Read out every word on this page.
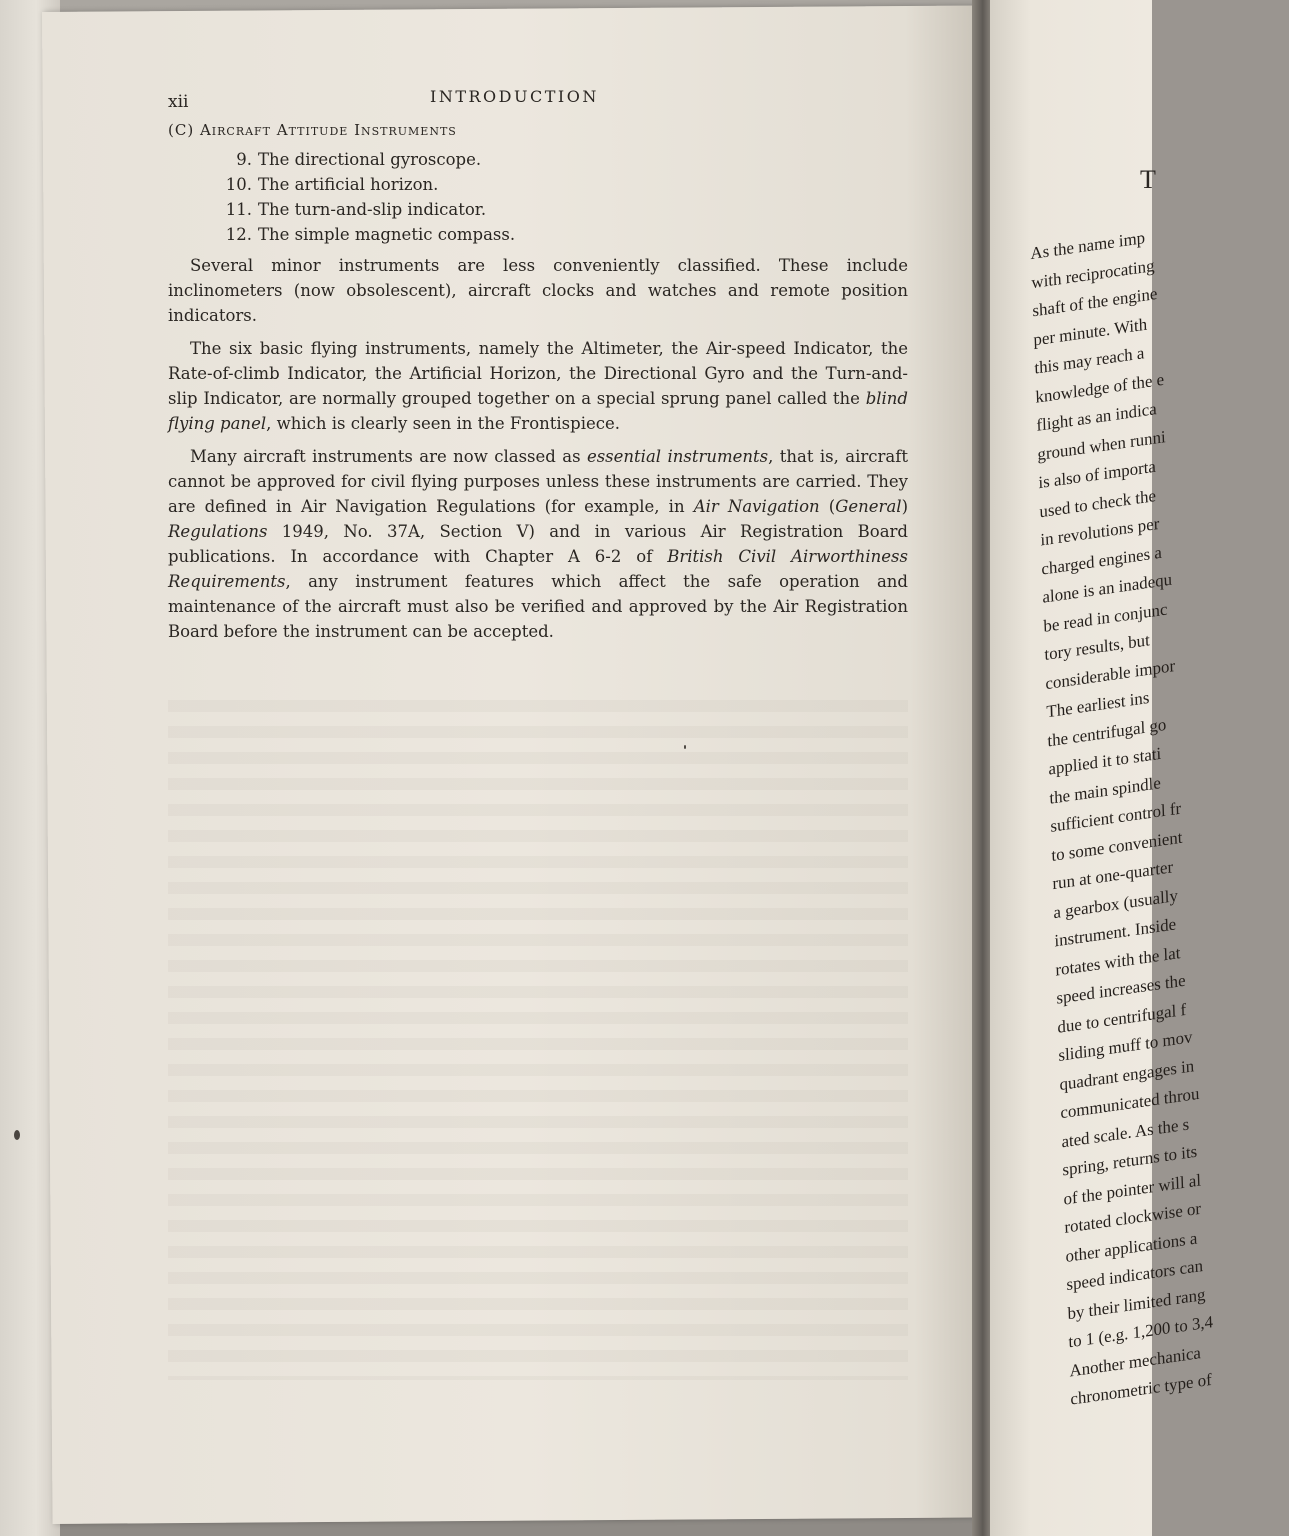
xii	INTRODUCTION
(C) Aircraft Attitude Instruments
9. The directional gyroscope.
10. The artificial horizon.
11. The turn-and-slip indicator.
12. The simple magnetic compass.

Several minor instruments are less conveniently classified. These include inclinometers (now obsolescent), aircraft clocks and watches and remote position indicators.

The six basic flying instruments, namely the Altimeter, the Air-speed Indicator, the Rate-of-climb Indicator, the Artificial Horizon, the Directional Gyro and the Turn-and-slip Indicator, are normally grouped together on a special sprung panel called the blind flying panel, which is clearly seen in the Frontispiece.

Many aircraft instruments are now classed as essential instruments, that is, aircraft cannot be approved for civil flying purposes unless these instruments are carried. They are defined in Air Navigation Regulations (for example, in Air Navigation (General) Regulations 1949, No. 37A, Section V) and in various Air Registration Board publications. In accordance with Chapter A 6-2 of British Civil Airworthiness Requirements, any instrument features which affect the safe operation and maintenance of the aircraft must also be verified and approved by the Air Registration Board before the instrument can be accepted.

T
As the name imp
with reciprocating
shaft of the engine
per minute. With
this may reach a
knowledge of the e
flight as an indica
ground when runni
is also of importa
used to check the
in revolutions per
charged engines a
alone is an inadequ
be read in conjunc
tory results, but
considerable impor
The earliest ins
the centrifugal go
applied it to stati
the main spindle
sufficient control fr
to some convenient
run at one-quarter
a gearbox (usually
instrument. Inside
rotates with the lat
speed increases the
due to centrifugal f
sliding muff to mov
quadrant engages in
communicated throu
ated scale. As the s
spring, returns to its
of the pointer will al
rotated clockwise or
other applications a
speed indicators can
by their limited rang
to 1 (e.g. 1,200 to 3,4
Another mechanica
chronometric type of
